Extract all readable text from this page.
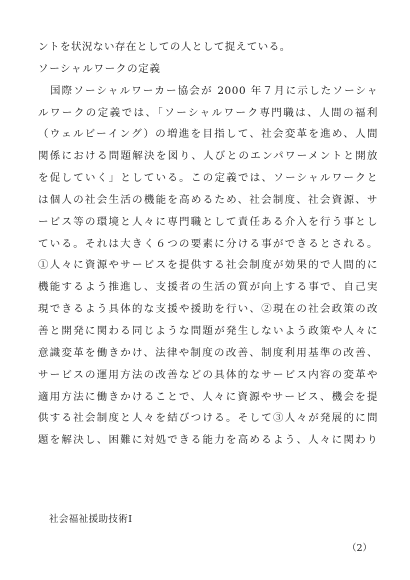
ントを状況ない存在としての人として捉えている。
ソーシャルワークの定義
国際ソーシャルワーカー協会が 2000 年７月に示したソーシャ
ルワークの定義では、「ソーシャルワーク専門職は、人間の福利
（ウェルビーイング）の増進を目指して、社会変革を進め、人間
関係における問題解決を図り、人びとのエンパワーメントと開放
を促していく」としている。この定義では、ソーシャルワークと
は個人の社会生活の機能を高めるため、社会制度、社会資源、サ
ービス等の環境と人々に専門職として責任ある介入を行う事とし
ている。それは大きく６つの要素に分ける事ができるとされる。
①人々に資源やサービスを提供する社会制度が効果的で人間的に
機能するよう推進し、支援者の生活の質が向上する事で、自己実
現できるよう具体的な支援や援助を行い、②現在の社会政策の改
善と開発に関わる同じような問題が発生しないよう政策や人々に
意識変革を働きかけ、法律や制度の改善、制度利用基準の改善、
サービスの運用方法の改善などの具体的なサービス内容の変革や
適用方法に働きかけることで、人々に資源やサービス、機会を提
供する社会制度と人々を結びつける。そして③人々が発展的に問
題を解決し、困難に対処できる能力を高めるよう、人々に関わり
社会福祉援助技術Ⅰ
（2）
